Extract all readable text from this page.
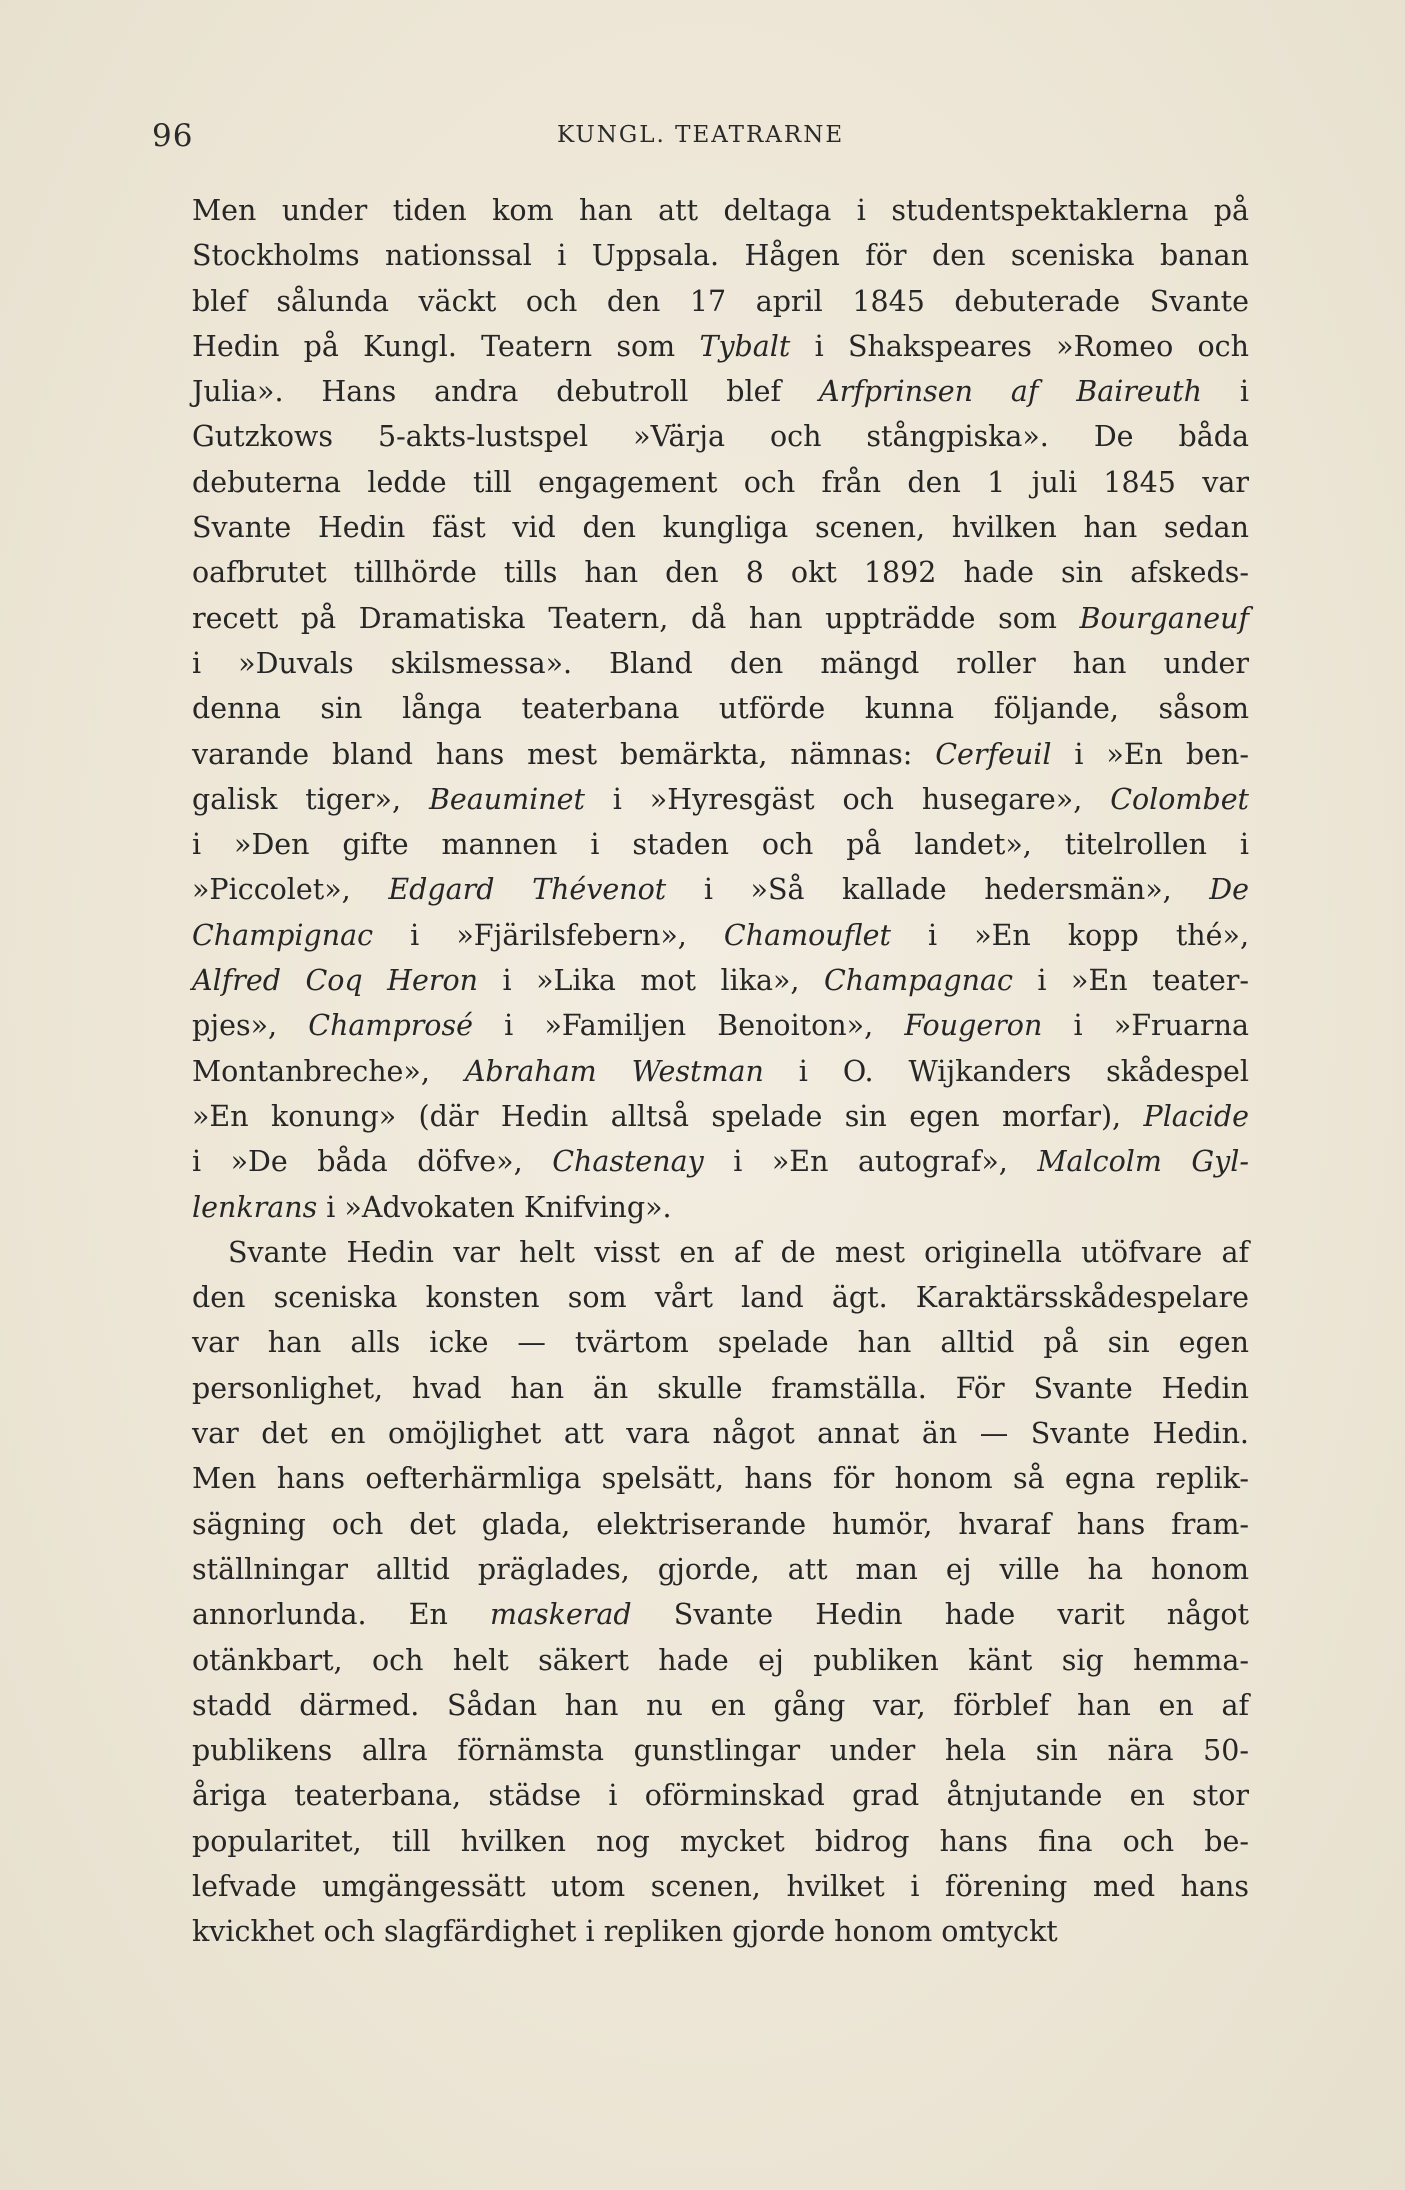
96	KUNGL. TEATRARNE
Men under tiden kom han att deltaga i studentspektaklerna på
Stockholms nationssal i Uppsala. Hågen för den sceniska banan
blef sålunda väckt och den 17 april 1845 debuterade Svante
Hedin på Kungl. Teatern som Tybalt i Shakspeares »Romeo och
Julia». Hans andra debutroll blef Arfprinsen af Baireuth i
Gutzkows 5‑akts‑lustspel »Värja och stångpiska». De båda
debuterna ledde till engagement och från den 1 juli 1845 var
Svante Hedin fäst vid den kungliga scenen, hvilken han sedan
oafbrutet tillhörde tills han den 8 okt 1892 hade sin afskeds-
recett på Dramatiska Teatern, då han uppträdde som Bourganeuf
i »Duvals skilsmessa». Bland den mängd roller han under
denna sin långa teaterbana utförde kunna följande, såsom
varande bland hans mest bemärkta, nämnas: Cerfeuil i »En ben-
galisk tiger», Beauminet i »Hyresgäst och husegare», Colombet
i »Den gifte mannen i staden och på landet», titelrollen i
»Piccolet», Edgard Thévenot i »Så kallade hedersmän», De
Champignac i »Fjärilsfebern», Chamouflet i »En kopp thé»,
Alfred Coq Heron i »Lika mot lika», Champagnac i »En teater-
pjes», Champrosé i »Familjen Benoiton», Fougeron i »Fruarna
Montanbreche», Abraham Westman i O. Wijkanders skådespel
»En konung» (där Hedin alltså spelade sin egen morfar), Placide
i »De båda döfve», Chastenay i »En autograf», Malcolm Gyl-
lenkrans i »Advokaten Knifving».
Svante Hedin var helt visst en af de mest originella utöfvare af
den sceniska konsten som vårt land ägt. Karaktärsskådespelare
var han alls icke — tvärtom spelade han alltid på sin egen
personlighet, hvad han än skulle framställa. För Svante Hedin
var det en omöjlighet att vara något annat än — Svante Hedin.
Men hans oefterhärmliga spelsätt, hans för honom så egna replik-
sägning och det glada, elektriserande humör, hvaraf hans fram-
ställningar alltid präglades, gjorde, att man ej ville ha honom
annorlunda. En maskerad Svante Hedin hade varit något
otänkbart, och helt säkert hade ej publiken känt sig hemma-
stadd därmed. Sådan han nu en gång var, förblef han en af
publikens allra förnämsta gunstlingar under hela sin nära 50-
åriga teaterbana, städse i oförminskad grad åtnjutande en stor
popularitet, till hvilken nog mycket bidrog hans fina och be-
lefvade umgängessätt utom scenen, hvilket i förening med hans
kvickhet och slagfärdighet i repliken gjorde honom omtyckt
